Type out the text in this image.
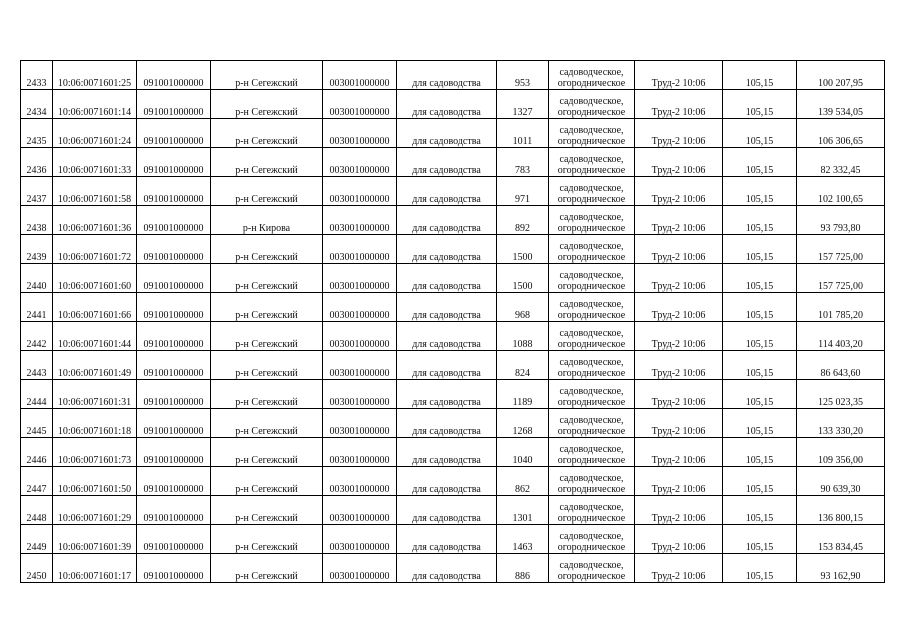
2433	10:06:0071601:25	091001000000	р-н Сегежский	003001000000	для садоводства	953	садоводческое,
огородническое	Труд-2 10:06	105,15	100 207,95
2434	10:06:0071601:14	091001000000	р-н Сегежский	003001000000	для садоводства	1327	садоводческое,
огородническое	Труд-2 10:06	105,15	139 534,05
2435	10:06:0071601:24	091001000000	р-н Сегежский	003001000000	для садоводства	1011	садоводческое,
огородническое	Труд-2 10:06	105,15	106 306,65
2436	10:06:0071601:33	091001000000	р-н Сегежский	003001000000	для садоводства	783	садоводческое,
огородническое	Труд-2 10:06	105,15	82 332,45
2437	10:06:0071601:58	091001000000	р-н Сегежский	003001000000	для садоводства	971	садоводческое,
огородническое	Труд-2 10:06	105,15	102 100,65
2438	10:06:0071601:36	091001000000	р-н Кирова	003001000000	для садоводства	892	садоводческое,
огородническое	Труд-2 10:06	105,15	93 793,80
2439	10:06:0071601:72	091001000000	р-н Сегежский	003001000000	для садоводства	1500	садоводческое,
огородническое	Труд-2 10:06	105,15	157 725,00
2440	10:06:0071601:60	091001000000	р-н Сегежский	003001000000	для садоводства	1500	садоводческое,
огородническое	Труд-2 10:06	105,15	157 725,00
2441	10:06:0071601:66	091001000000	р-н Сегежский	003001000000	для садоводства	968	садоводческое,
огородническое	Труд-2 10:06	105,15	101 785,20
2442	10:06:0071601:44	091001000000	р-н Сегежский	003001000000	для садоводства	1088	садоводческое,
огородническое	Труд-2 10:06	105,15	114 403,20
2443	10:06:0071601:49	091001000000	р-н Сегежский	003001000000	для садоводства	824	садоводческое,
огородническое	Труд-2 10:06	105,15	86 643,60
2444	10:06:0071601:31	091001000000	р-н Сегежский	003001000000	для садоводства	1189	садоводческое,
огородническое	Труд-2 10:06	105,15	125 023,35
2445	10:06:0071601:18	091001000000	р-н Сегежский	003001000000	для садоводства	1268	садоводческое,
огородническое	Труд-2 10:06	105,15	133 330,20
2446	10:06:0071601:73	091001000000	р-н Сегежский	003001000000	для садоводства	1040	садоводческое,
огородническое	Труд-2 10:06	105,15	109 356,00
2447	10:06:0071601:50	091001000000	р-н Сегежский	003001000000	для садоводства	862	садоводческое,
огородническое	Труд-2 10:06	105,15	90 639,30
2448	10:06:0071601:29	091001000000	р-н Сегежский	003001000000	для садоводства	1301	садоводческое,
огородническое	Труд-2 10:06	105,15	136 800,15
2449	10:06:0071601:39	091001000000	р-н Сегежский	003001000000	для садоводства	1463	садоводческое,
огородническое	Труд-2 10:06	105,15	153 834,45
2450	10:06:0071601:17	091001000000	р-н Сегежский	003001000000	для садоводства	886	садоводческое,
огородническое	Труд-2 10:06	105,15	93 162,90
